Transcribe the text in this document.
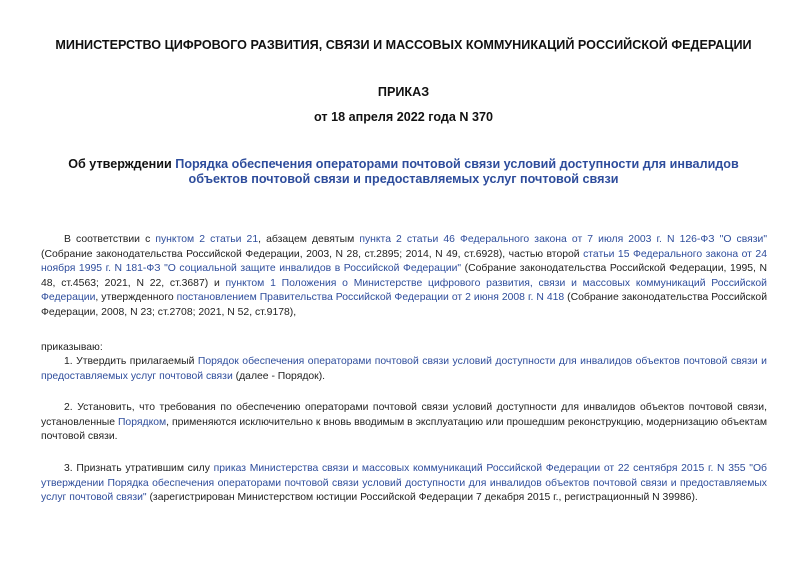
МИНИСТЕРСТВО ЦИФРОВОГО РАЗВИТИЯ, СВЯЗИ И МАССОВЫХ КОММУНИКАЦИЙ РОССИЙСКОЙ ФЕДЕРАЦИИ
ПРИКАЗ
от 18 апреля 2022 года N 370
Об утверждении Порядка обеспечения операторами почтовой связи условий доступности для инвалидов объектов почтовой связи и предоставляемых услуг почтовой связи
В соответствии с пунктом 2 статьи 21, абзацем девятым пункта 2 статьи 46 Федерального закона от 7 июля 2003 г. N 126-ФЗ "О связи" (Собрание законодательства Российской Федерации, 2003, N 28, ст.2895; 2014, N 49, ст.6928), частью второй статьи 15 Федерального закона от 24 ноября 1995 г. N 181-ФЗ "О социальной защите инвалидов в Российской Федерации" (Собрание законодательства Российской Федерации, 1995, N 48, ст.4563; 2021, N 22, ст.3687) и пунктом 1 Положения о Министерстве цифрового развития, связи и массовых коммуникаций Российской Федерации, утвержденного постановлением Правительства Российской Федерации от 2 июня 2008 г. N 418 (Собрание законодательства Российской Федерации, 2008, N 23; ст.2708; 2021, N 52, ст.9178),
приказываю:
1. Утвердить прилагаемый Порядок обеспечения операторами почтовой связи условий доступности для инвалидов объектов почтовой связи и предоставляемых услуг почтовой связи (далее - Порядок).
2. Установить, что требования по обеспечению операторами почтовой связи условий доступности для инвалидов объектов почтовой связи, установленные Порядком, применяются исключительно к вновь вводимым в эксплуатацию или прошедшим реконструкцию, модернизацию объектам почтовой связи.
3. Признать утратившим силу приказ Министерства связи и массовых коммуникаций Российской Федерации от 22 сентября 2015 г. N 355 "Об утверждении Порядка обеспечения операторами почтовой связи условий доступности для инвалидов объектов почтовой связи и предоставляемых услуг почтовой связи" (зарегистрирован Министерством юстиции Российской Федерации 7 декабря 2015 г., регистрационный N 39986).
